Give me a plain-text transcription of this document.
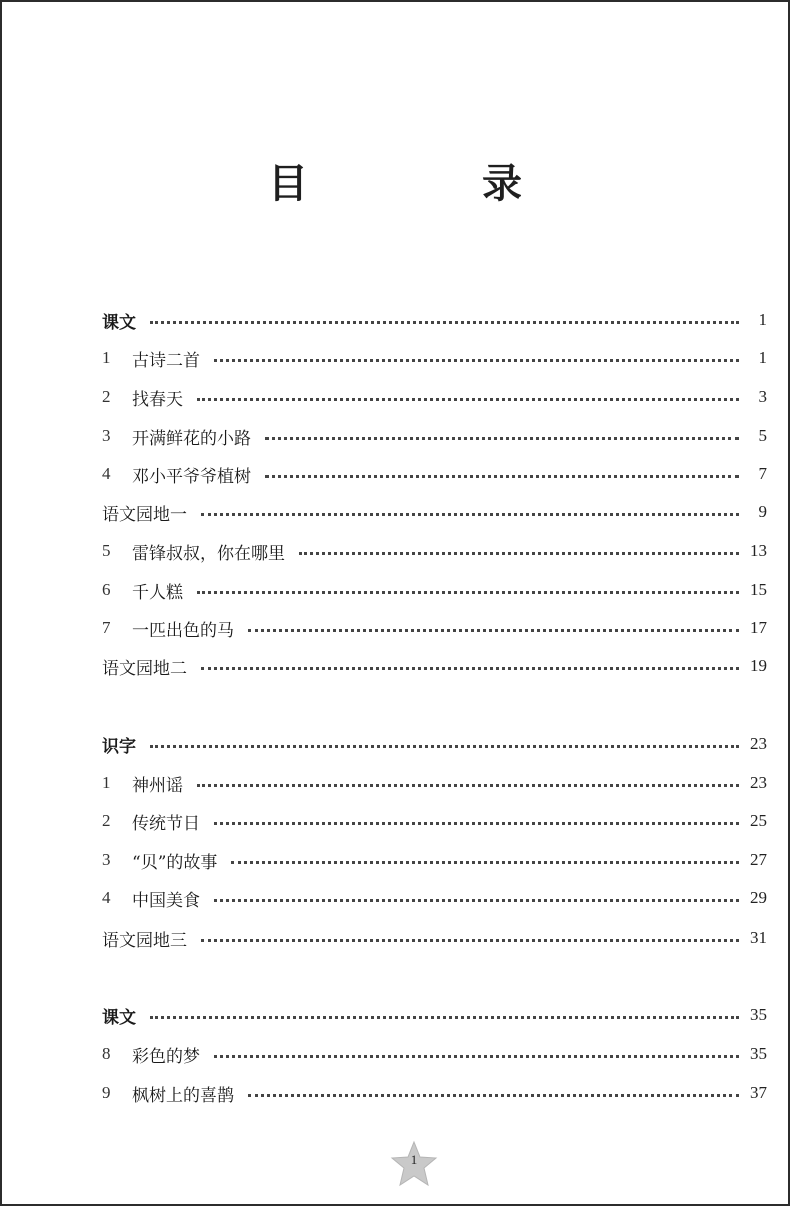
目 录
课文	1
1	古诗二首	1
2	找春天	3
3	开满鲜花的小路	5
4	邓小平爷爷植树	7
语文园地一	9
5	雷锋叔叔，你在哪里	13
6	千人糕	15
7	一匹出色的马	17
语文园地二	19
识字	23
1	神州谣	23
2	传统节日	25
3	“贝”的故事	27
4	中国美食	29
语文园地三	31
课文	35
8	彩色的梦	35
9	枫树上的喜鹊	37
1
